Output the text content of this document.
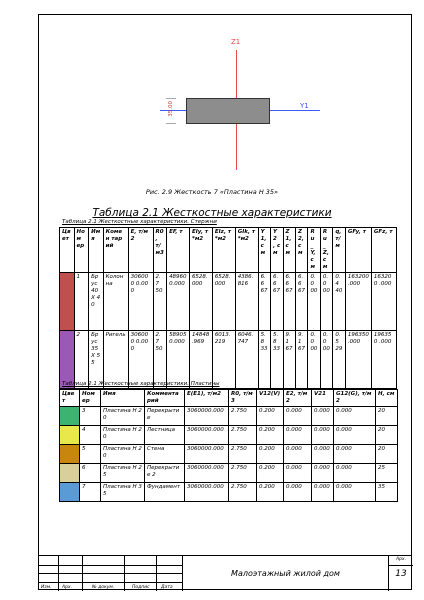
35.00
Z1
Y1
Рис. 2.9 Жесткость 7 «Пластина Н 35»
Таблица 2.1 Жесткостные характеристики
Таблица 2.1 Жесткостные характеристики. Стержни
Цв ет	Ном ер	Им я	Комен тарий	E, т/м2	R0 , т/ м3	EF, т	EIy, т*м2	EIz, т*м2	GIk, т*м2	Y1, см	Y2 , см	Z1, см	Z2, см	Ru _Y, см	Ru _Z, см	q, т/ м	GFy, т	GFz, т
	1	Бр ус 40 X 40	Колонна	306000 0.000	2.7 50	48960 0.000	6528. 000	6528. 000	4386. 816	6.6 67	6.6 67	6.6 67	6.6 67	0.0 00	0.0 00	0.4 40	163200 .000	163200 .000
	2	Бр ус 35 X 55	Ригель	306000 0.000	2.7 50	58905 0.000	14848 .969	6013. 219	6046. 747	5.8 33	5.8 33	9.1 67	9.1 67	0.0 00	0.0 00	0.5 29	196350 .000	196350 .000
Таблица 2.1 Жесткостные характеристики. Пластины
Цвет	Номер	Имя	Комментарий	E(E1), т/м2	R0, т/м3	V12(V)	E2, т/м2	V21	G12(G), т/м2	H, см
	3	Пластина Н 20	Перекрытие	3060000.000	2.750	0.200	0.000	0.000	0.000	20
	4	Пластина Н 20	Лестница	3060000.000	2.750	0.200	0.000	0.000	0.000	20
	5	Пластина Н 20	Стена	3060000.000	2.750	0.200	0.000	0.000	0.000	20
	6	Пластина Н 25	Перекрытие 2	3060000.000	2.750	0.200	0.000	0.000	0.000	25
	7	Пластина Н 35	Фундамент	3060000.000	2.750	0.200	0.000	0.000	0.000	35
Изм. Арх.	№ докум.	Подпис	Дата
Малоэтажный жилой дом
Арх.
13
